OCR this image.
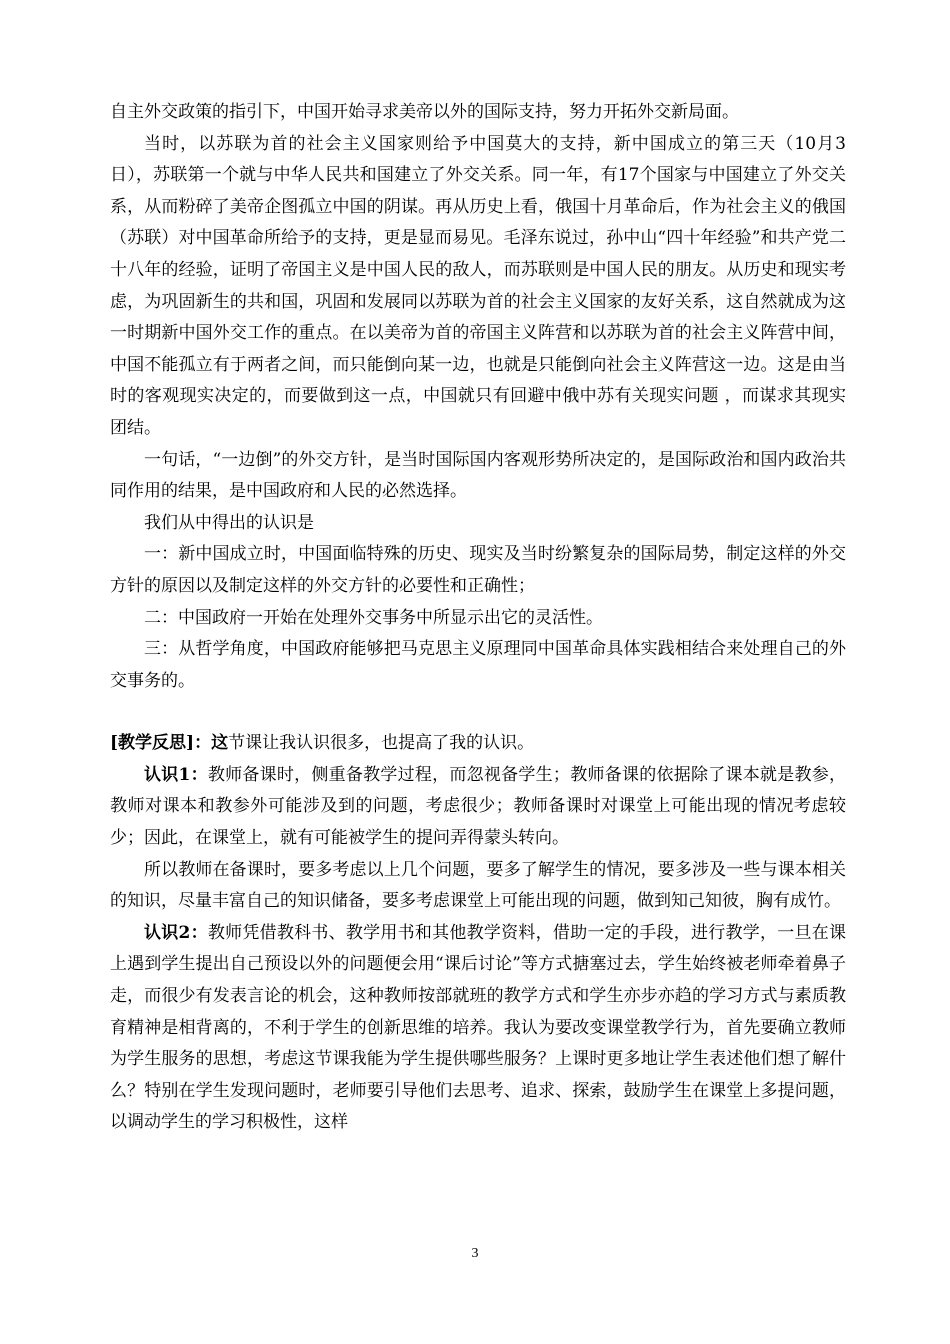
自主外交政策的指引下，中国开始寻求美帝以外的国际支持，努力开拓外交新局面。

当时，以苏联为首的社会主义国家则给予中国莫大的支持，新中国成立的第三天（10月3日），苏联第一个就与中华人民共和国建立了外交关系。同一年，有17个国家与中国建立了外交关系，从而粉碎了美帝企图孤立中国的阴谋。再从历史上看，俄国十月革命后，作为社会主义的俄国（苏联）对中国革命所给予的支持，更是显而易见。毛泽东说过，孙中山“四十年经验”和共产党二十八年的经验，证明了帝国主义是中国人民的敌人，而苏联则是中国人民的朋友。从历史和现实考虑，为巩固新生的共和国，巩固和发展同以苏联为首的社会主义国家的友好关系，这自然就成为这一时期新中国外交工作的重点。在以美帝为首的帝国主义阵营和以苏联为首的社会主义阵营中间，中国不能孤立有于两者之间，而只能倒向某一边，也就是只能倒向社会主义阵营这一边。这是由当时的客观现实决定的，而要做到这一点，中国就只有回避中俄中苏有关现实问题 ，而谋求其现实团结。

一句话，“一边倒”的外交方针，是当时国际国内客观形势所决定的，是国际政治和国内政治共同作用的结果，是中国政府和人民的必然选择。

我们从中得出的认识是

一：新中国成立时，中国面临特殊的历史、现实及当时纷繁复杂的国际局势，制定这样的外交方针的原因以及制定这样的外交方针的必要性和正确性；

二：中国政府一开始在处理外交事务中所显示出它的灵活性。

三：从哲学角度，中国政府能够把马克思主义原理同中国革命具体实践相结合来处理自己的外交事务的。

[教学反思]：这节课让我认识很多，也提高了我的认识。

认识1：教师备课时，侧重备教学过程，而忽视备学生；教师备课的依据除了课本就是教参，教师对课本和教参外可能涉及到的问题，考虑很少；教师备课时对课堂上可能出现的情况考虑较少；因此，在课堂上，就有可能被学生的提问弄得蒙头转向。

所以教师在备课时，要多考虑以上几个问题，要多了解学生的情况，要多涉及一些与课本相关的知识，尽量丰富自己的知识储备，要多考虑课堂上可能出现的问题，做到知己知彼，胸有成竹。

认识2：教师凭借教科书、教学用书和其他教学资料，借助一定的手段，进行教学，一旦在课上遇到学生提出自己预设以外的问题便会用“课后讨论”等方式搪塞过去，学生始终被老师牵着鼻子走，而很少有发表言论的机会，这种教师按部就班的教学方式和学生亦步亦趋的学习方式与素质教育精神是相背离的，不利于学生的创新思维的培养。我认为要改变课堂教学行为，首先要确立教师为学生服务的思想，考虑这节课我能为学生提供哪些服务？上课时更多地让学生表述他们想了解什么？特别在学生发现问题时，老师要引导他们去思考、追求、探索，鼓励学生在课堂上多提问题，以调动学生的学习积极性，这样

3
